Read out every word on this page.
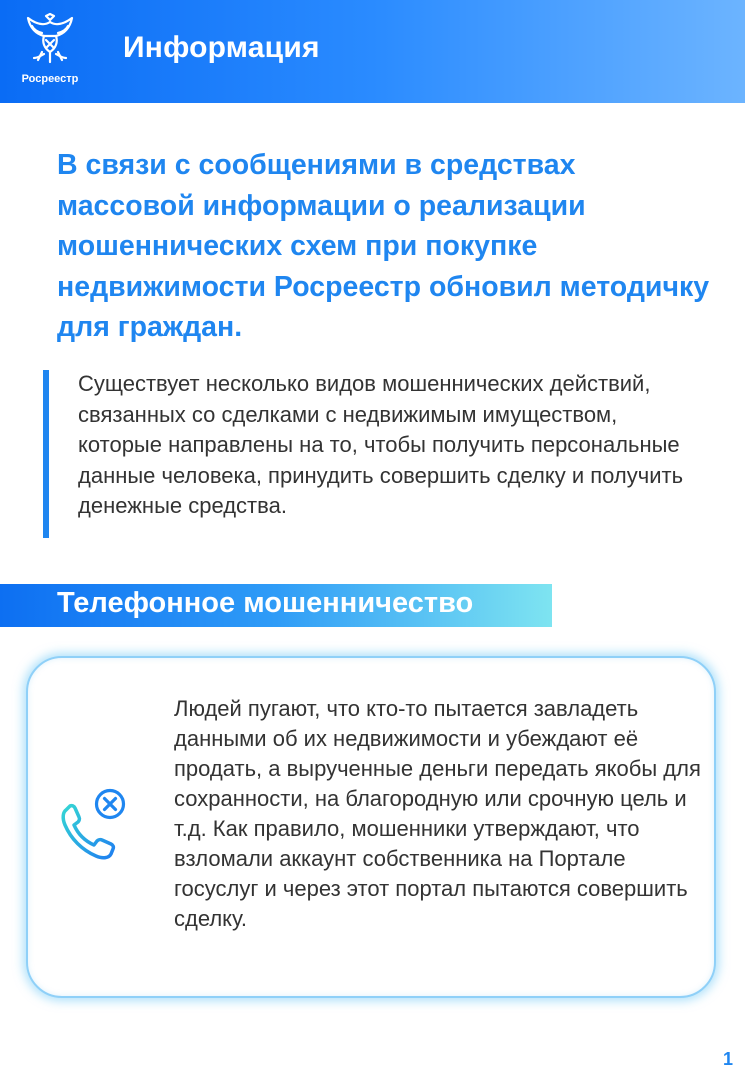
Росреестр
Информация
В связи с сообщениями в средствах массовой информации о реализации мошеннических схем при покупке недвижимости Росреестр обновил методичку для граждан.
Существует несколько видов мошеннических действий, связанных со сделками с недвижимым имуществом, которые направлены на то, чтобы получить персональные данные человека, принудить совершить сделку и получить денежные средства.
Телефонное мошенничество
Людей пугают, что кто-то пытается завладеть данными об их недвижимости и убеждают её продать, а вырученные деньги передать якобы для сохранности, на благородную или срочную цель и т.д. Как правило, мошенники утверждают, что взломали аккаунт собственника на Портале госуслуг и через этот портал пытаются совершить сделку.
1
